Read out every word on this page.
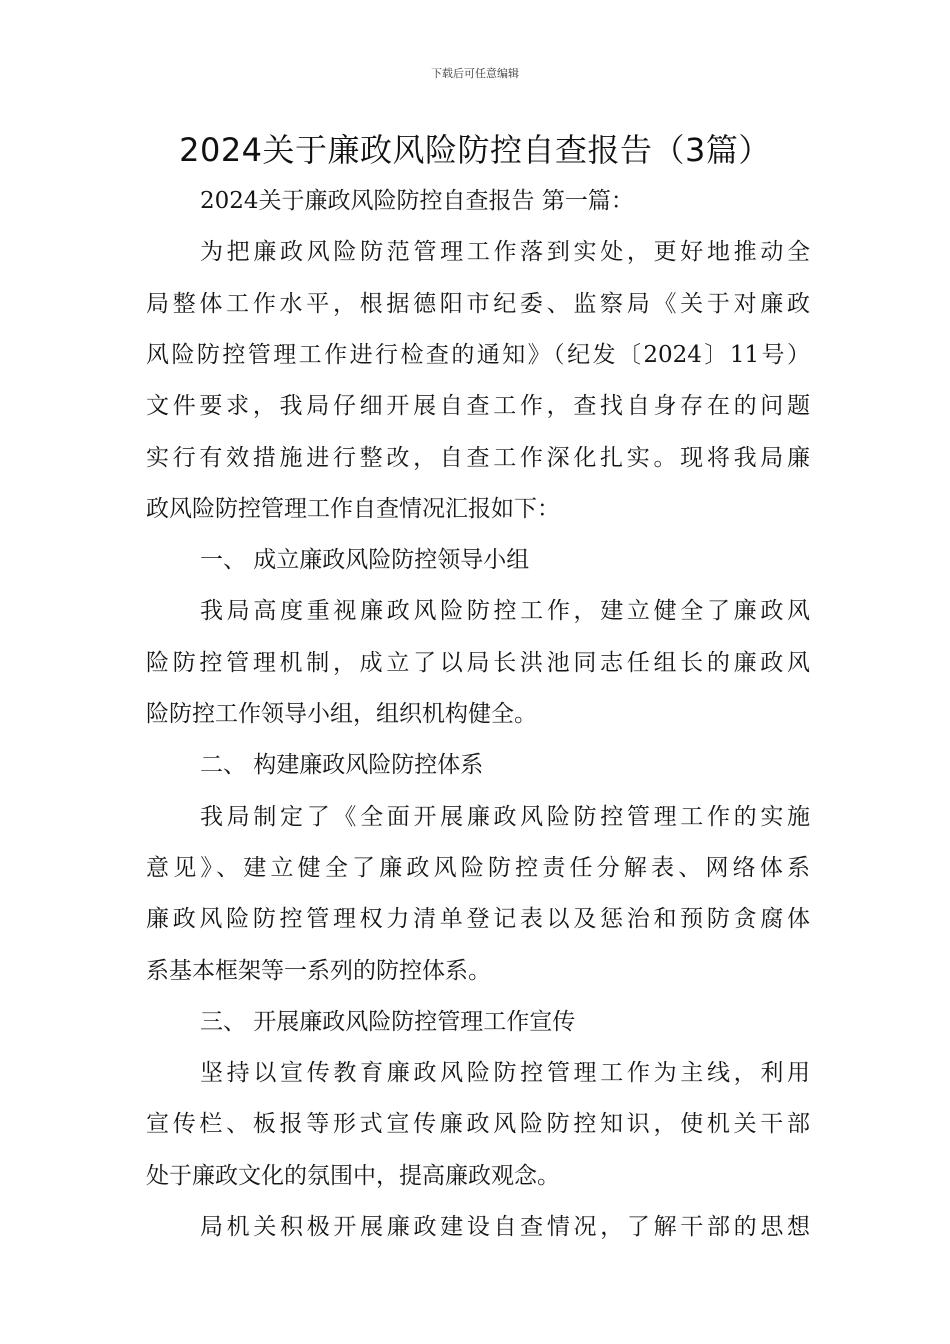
下载后可任意编辑
2024关于廉政风险防控自查报告（3篇）
2024关于廉政风险防控自查报告 第一篇：
为把廉政风险防范管理工作落到实处，更好地推动全
局整体工作水平，根据德阳市纪委、监察局《关于对廉政
风险防控管理工作进行检查的通知》（纪发〔2024〕11号）
文件要求，我局仔细开展自查工作，查找自身存在的问题
实行有效措施进行整改，自查工作深化扎实。现将我局廉
政风险防控管理工作自查情况汇报如下：
一、 成立廉政风险防控领导小组
我局高度重视廉政风险防控工作，建立健全了廉政风
险防控管理机制，成立了以局长洪池同志任组长的廉政风
险防控工作领导小组，组织机构健全。
二、 构建廉政风险防控体系
我局制定了《全面开展廉政风险防控管理工作的实施
意见》、建立健全了廉政风险防控责任分解表、网络体系
廉政风险防控管理权力清单登记表以及惩治和预防贪腐体
系基本框架等一系列的防控体系。
三、 开展廉政风险防控管理工作宣传
坚持以宣传教育廉政风险防控管理工作为主线，利用
宣传栏、板报等形式宣传廉政风险防控知识，使机关干部
处于廉政文化的氛围中，提高廉政观念。
局机关积极开展廉政建设自查情况，了解干部的思想
